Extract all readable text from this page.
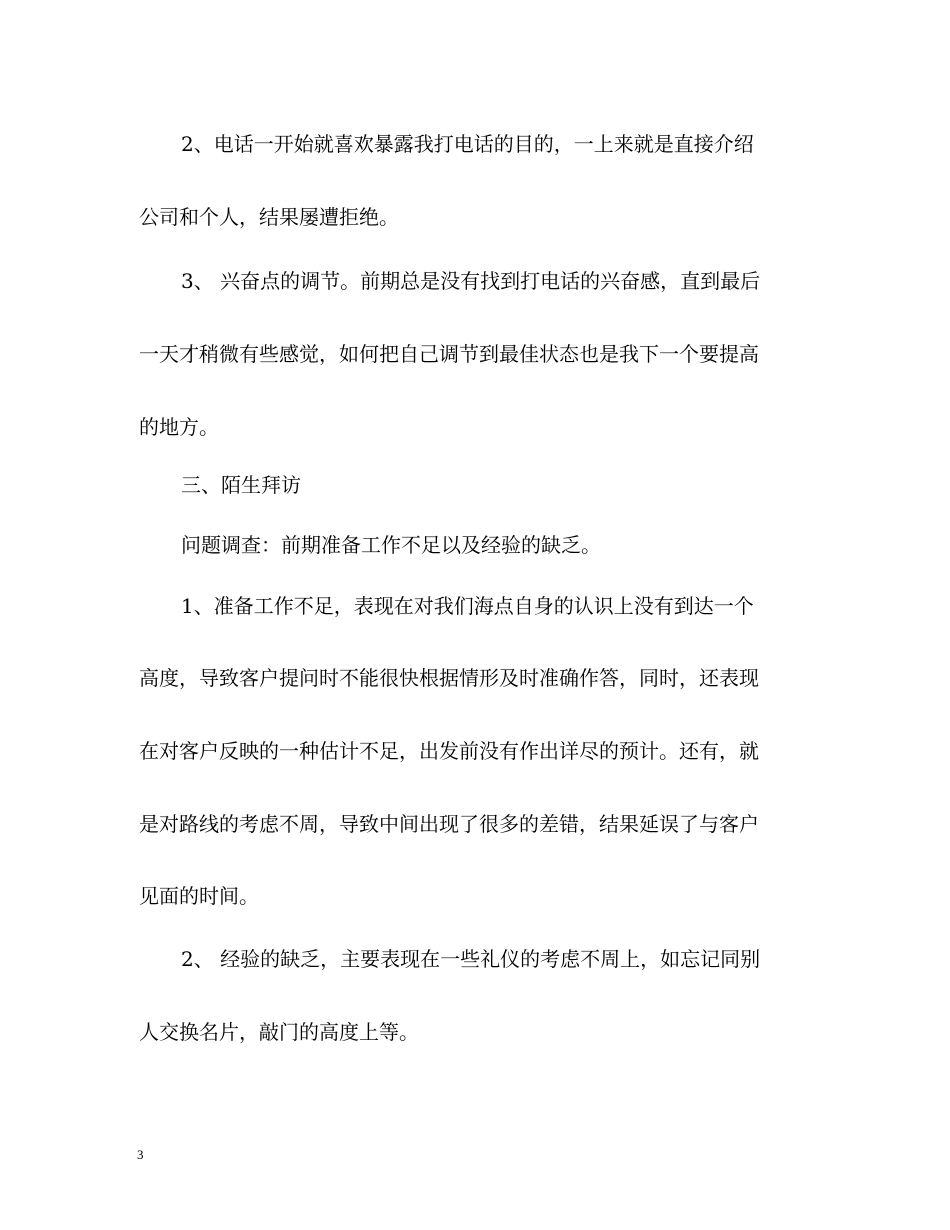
2、电话一开始就喜欢暴露我打电话的目的，一上来就是直接介绍
公司和个人，结果屡遭拒绝。
3、 兴奋点的调节。前期总是没有找到打电话的兴奋感，直到最后
一天才稍微有些感觉，如何把自己调节到最佳状态也是我下一个要提高
的地方。
三、陌生拜访
问题调查：前期准备工作不足以及经验的缺乏。
1、准备工作不足，表现在对我们海点自身的认识上没有到达一个
高度，导致客户提问时不能很快根据情形及时准确作答，同时，还表现
在对客户反映的一种估计不足，出发前没有作出详尽的预计。还有，就
是对路线的考虑不周，导致中间出现了很多的差错，结果延误了与客户
见面的时间。
2、 经验的缺乏，主要表现在一些礼仪的考虑不周上，如忘记同别
人交换名片，敲门的高度上等。
3
